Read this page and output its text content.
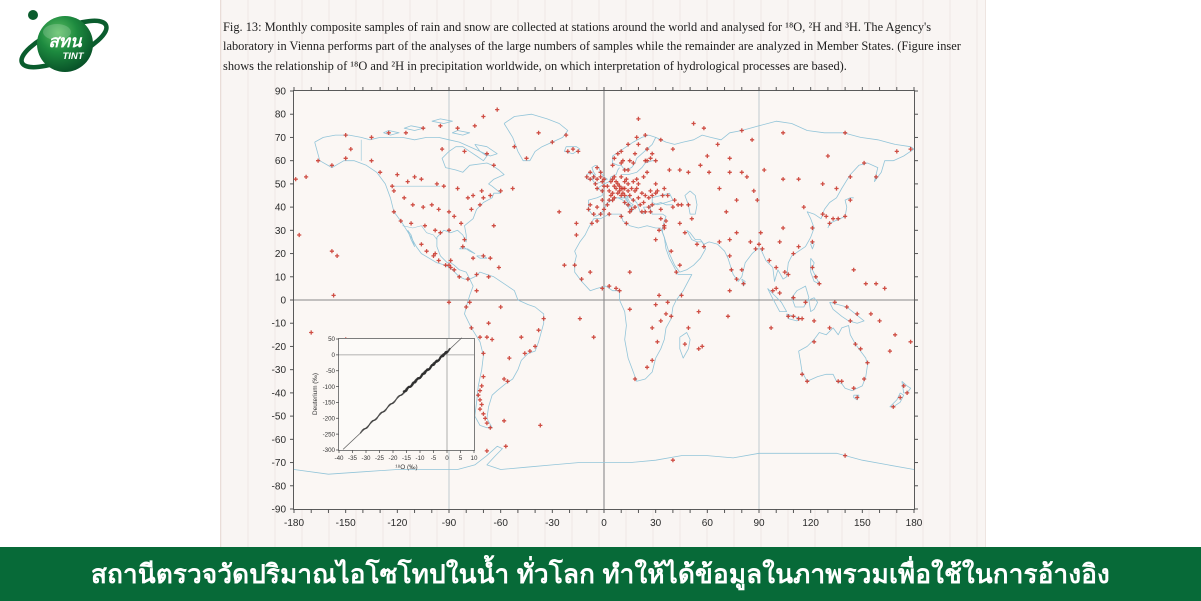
สทน
TINT
Fig. 13: Monthly composite samples of rain and snow are collected at stations around the world and analysed for ¹⁸O, ²H and ³H. The Agency's
laboratory in Vienna performs part of the analyses of the large numbers of samples while the remainder are analyzed in Member States. (Figure inser
shows the relationship of ¹⁸O and ²H in precipitation worldwide, on which interpretation of hydrological processes are based).
-180	-150	-120	-90	-60	-30	0	30	60	90	120	150	180
90
80
70
60
50
40
30
20
10
0
-10
-20
-30
-40
-50
-60
-70
-80
-90
-40 -35 -30 -25 -20 -15 -10 -5 0 5 10
50
0
-50
-100
-150
-200
-250
-300
Deuterium (‰)
¹⁸O (‰)
สถานีตรวจวัดปริมาณไอโซโทปในน้ำ ทั่วโลก ทำให้ได้ข้อมูลในภาพรวมเพื่อใช้ในการอ้างอิง
